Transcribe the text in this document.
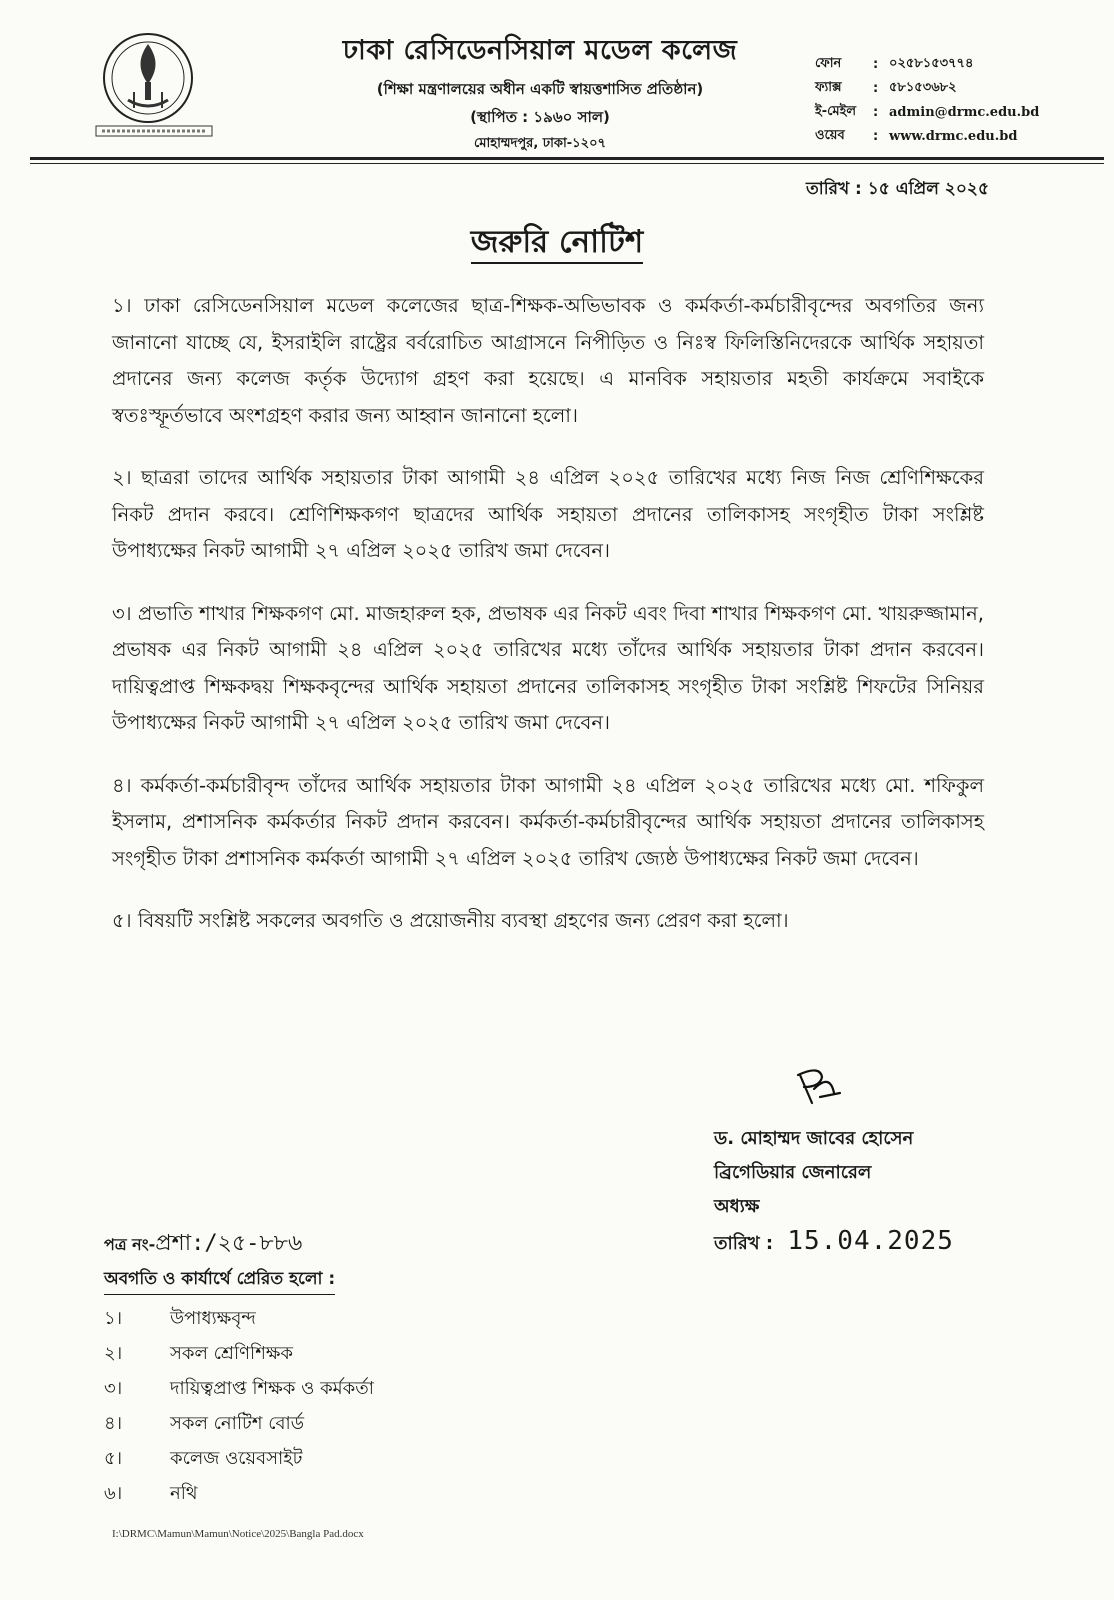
ঢাকা রেসিডেনসিয়াল মডেল কলেজ
(শিক্ষা মন্ত্রণালয়ের অধীন একটি স্বায়ত্তশাসিত প্রতিষ্ঠান)
(স্থাপিত : ১৯৬০ সাল)
মোহাম্মদপুর, ঢাকা-১২০৭
ফোন	: ০২৫৮১৫৩৭৭৪
ফ্যাক্স	: ৫৮১৫৩৬৮২
ই-মেইল	: admin@drmc.edu.bd
ওয়েব	: www.drmc.edu.bd
তারিখ : ১৫ এপ্রিল ২০২৫
জরুরি নোটিশ

১। ঢাকা রেসিডেনসিয়াল মডেল কলেজের ছাত্র-শিক্ষক-অভিভাবক ও কর্মকর্তা-কর্মচারীবৃন্দের অবগতির জন্য জানানো যাচ্ছে যে, ইসরাইলি রাষ্ট্রের বর্বরোচিত আগ্রাসনে নিপীড়িত ও নিঃস্ব ফিলিস্তিনিদেরকে আর্থিক সহায়তা প্রদানের জন্য কলেজ কর্তৃক উদ্যোগ গ্রহণ করা হয়েছে। এ মানবিক সহায়তার মহতী কার্যক্রমে সবাইকে স্বতঃস্ফূর্তভাবে অংশগ্রহণ করার জন্য আহ্বান জানানো হলো।

২। ছাত্ররা তাদের আর্থিক সহায়তার টাকা আগামী ২৪ এপ্রিল ২০২৫ তারিখের মধ্যে নিজ নিজ শ্রেণিশিক্ষকের নিকট প্রদান করবে। শ্রেণিশিক্ষকগণ ছাত্রদের আর্থিক সহায়তা প্রদানের তালিকাসহ সংগৃহীত টাকা সংশ্লিষ্ট উপাধ্যক্ষের নিকট আগামী ২৭ এপ্রিল ২০২৫ তারিখ জমা দেবেন।

৩। প্রভাতি শাখার শিক্ষকগণ মো. মাজহারুল হক, প্রভাষক এর নিকট এবং দিবা শাখার শিক্ষকগণ মো. খায়রুজ্জামান, প্রভাষক এর নিকট আগামী ২৪ এপ্রিল ২০২৫ তারিখের মধ্যে তাঁদের আর্থিক সহায়তার টাকা প্রদান করবেন। দায়িত্বপ্রাপ্ত শিক্ষকদ্বয় শিক্ষকবৃন্দের আর্থিক সহায়তা প্রদানের তালিকাসহ সংগৃহীত টাকা সংশ্লিষ্ট শিফটের সিনিয়র উপাধ্যক্ষের নিকট আগামী ২৭ এপ্রিল ২০২৫ তারিখ জমা দেবেন।

৪। কর্মকর্তা-কর্মচারীবৃন্দ তাঁদের আর্থিক সহায়তার টাকা আগামী ২৪ এপ্রিল ২০২৫ তারিখের মধ্যে মো. শফিকুল ইসলাম, প্রশাসনিক কর্মকর্তার নিকট প্রদান করবেন। কর্মকর্তা-কর্মচারীবৃন্দের আর্থিক সহায়তা প্রদানের তালিকাসহ সংগৃহীত টাকা প্রশাসনিক কর্মকর্তা আগামী ২৭ এপ্রিল ২০২৫ তারিখ জ্যেষ্ঠ উপাধ্যক্ষের নিকট জমা দেবেন।

৫। বিষয়টি সংশ্লিষ্ট সকলের অবগতি ও প্রয়োজনীয় ব্যবস্থা গ্রহণের জন্য প্রেরণ করা হলো।

ড. মোহাম্মদ জাবের হোসেন
ব্রিগেডিয়ার জেনারেল
অধ্যক্ষ
তারিখ : 15.04.2025
পত্র নং-প্রশা:/২৫-৮৮৬
অবগতি ও কার্যার্থে প্রেরিত হলো :
১।	উপাধ্যক্ষবৃন্দ
২।	সকল শ্রেণিশিক্ষক
৩।	দায়িত্বপ্রাপ্ত শিক্ষক ও কর্মকর্তা
৪।	সকল নোটিশ বোর্ড
৫।	কলেজ ওয়েবসাইট
৬।	নথি
I:\DRMC\Mamun\Mamun\Notice\2025\Bangla Pad.docx
